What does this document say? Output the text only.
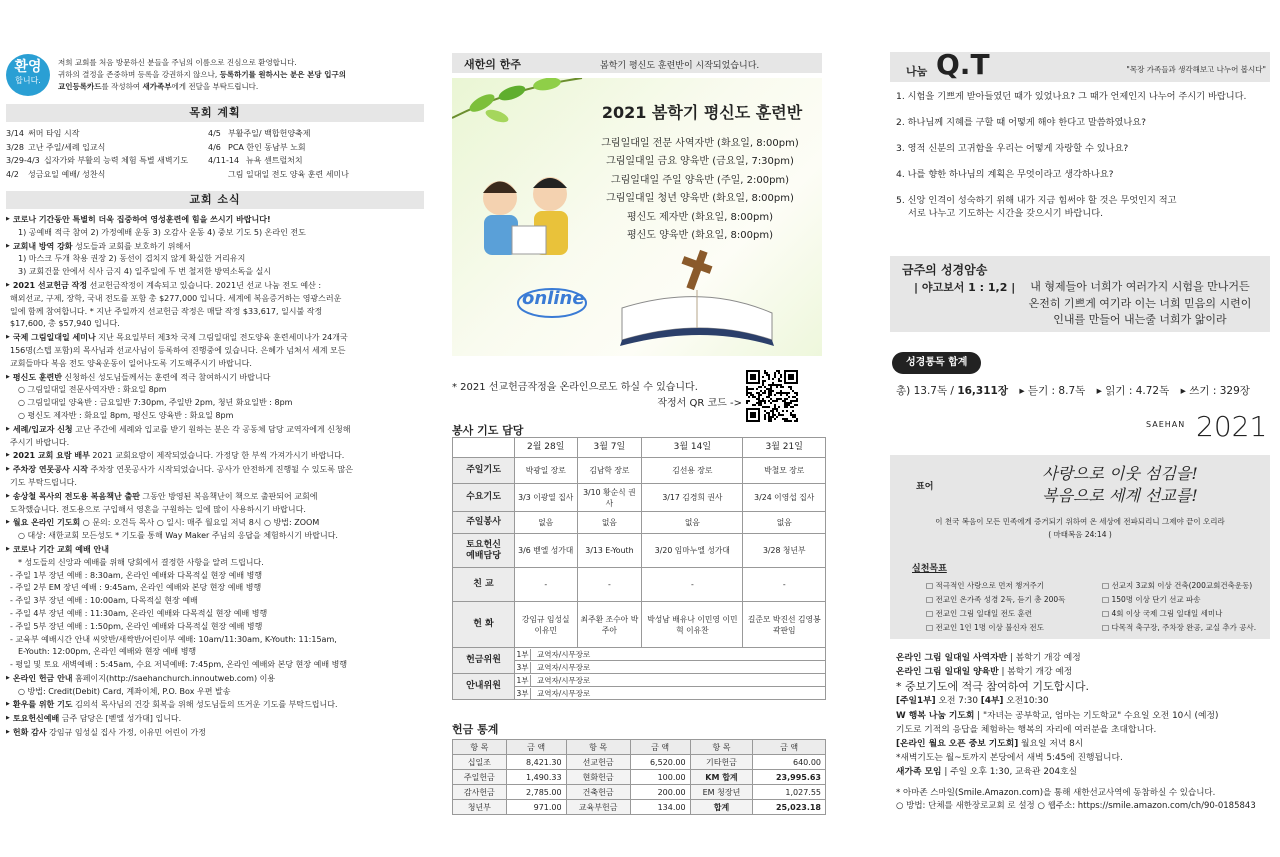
환영
합니다.
저희 교회를 처음 방문하신 분들을 주님의 이름으로 진심으로 환영합니다.
귀하의 결정을 존중하며 등록을 강권하지 않으나, 등록하기를 원하시는 분은 본당 입구의
교인등록카드를 작성하여 새가족부에게 전달을 부탁드립니다.
목회 계획
3/14 써머 타임 시작	4/5 부활주일/ 백합헌양축제
3/28 고난 주일/세례 입교식	4/6 PCA 한인 동남부 노회
3/29-4/3 십자가와 부활의 능력 체험 특별 새벽기도 4/11-14 뉴욕 센트럴처치
4/2 성금요일 예배/ 성찬식	그림 일대일 전도 양육 훈련 세미나
교회 소식
▶ 코로나 기간동안 특별히 더욱 집중하여 영성훈련에 힘을 쓰시기 바랍니다!
1) 공예배 적극 참여 2) 가정예배 운동 3) 오감사 운동 4) 중보 기도 5) 온라인 전도
▶ 교회내 방역 강화 성도들과 교회를 보호하기 위해서
1) 마스크 두개 착용 권장 2) 동선이 겹치지 않게 확실한 거리유지
3) 교회건물 안에서 식사 금지 4) 일주일에 두 번 철저한 방역소독을 실시
▶ 2021 선교헌금 작정 선교헌금작정이 계속되고 있습니다. 2021년 선교 나눔 전도 예산 :
해외선교, 구제, 장학, 국내 전도를 포함 총 $277,000 입니다. 세계에 복음증거하는 영광스러운
일에 함께 참여합니다. * 지난 주일까지 선교헌금 작정은 매달 작정 $33,617, 일시불 작정
$17,600, 총 $57,940 입니다.
▶ 국제 그림일대일 세미나 지난 목요일부터 제3차 국제 그림일대일 전도양육 훈련세미나가 24개국
156명(스텝 포함)의 목사님과 선교사님이 등록하여 진행중에 있습니다. 은혜가 넘쳐서 세계 모든
교회들마다 복음 전도 양육운동이 일어나도록 기도해주시기 바랍니다.
▶ 평신도 훈련반 신청하신 성도님들께서는 훈련에 적극 참여하시기 바랍니다
○ 그림일대일 전문사역자반 : 화요일 8pm
○ 그림일대일 양육반 : 금요일반 7:30pm, 주일반 2pm, 청년 화요일반 : 8pm
○ 평신도 제자반 : 화요일 8pm, 평신도 양육반 : 화요일 8pm
▶ 세례/입교자 신청 고난 주간에 세례와 입교를 받기 원하는 분은 각 공동체 담당 교역자에게 신청해
주시기 바랍니다.
▶ 2021 교회 요람 배부 2021 교회요람이 제작되었습니다. 가정당 한 부씩 가져가시기 바랍니다.
▶ 주차장 연못공사 시작 주차장 연못공사가 시작되었습니다. 공사가 안전하게 진행될 수 있도록 많은
기도 부탁드립니다.
▶ 송상철 목사의 전도용 복음책난 출판 그동안 방영된 복음책난이 책으로 출판되어 교회에
도착했습니다. 전도용으로 구입해서 영혼을 구원하는 일에 많이 사용하시기 바랍니다.
▶ 월요 온라인 기도회 ○ 문의: 오건득 목사 ○ 일시: 매주 월요일 저녁 8시 ○ 방법: ZOOM
○ 대상: 새한교회 모든성도 * 기도를 통해 Way Maker 주님의 응답을 체험하시기 바랍니다.
▶ 코로나 기간 교회 예배 안내
* 성도들의 신앙과 예배를 위해 당회에서 결정한 사항을 알려 드립니다.
- 주일 1부 장년 예배 : 8:30am, 온라인 예배와 다목적실 현장 예배 병행
- 주일 2부 EM 장년 예배 : 9:45am, 온라인 예배와 본당 현장 예배 병행
- 주일 3부 장년 예배 : 10:00am, 다목적실 현장 예배
- 주일 4부 장년 예배 : 11:30am, 온라인 예배와 다목적실 현장 예배 병행
- 주일 5부 장년 예배 : 1:50pm, 온라인 예배와 다목적실 현장 예배 병행
- 교육부 예배시간 안내 씨앗반/새싹반/어린이부 예배: 10am/11:30am, K-Youth: 11:15am,
E-Youth: 12:00pm, 온라인 예배와 현장 예배 병행
- 평일 및 토요 새벽예배 : 5:45am, 수요 저녁예배: 7:45pm, 온라인 예배와 본당 현장 예배 병행
▶ 온라인 헌금 안내 홈페이지(http://saehanchurch.innoutweb.com) 이용
○ 방법: Credit(Debit) Card, 계좌이체, P.O. Box 우편 발송
▶ 환우를 위한 기도 김의석 목사님의 건강 회복을 위해 성도님들의 뜨거운 기도를 부탁드립니다.
▶ 토요헌신예배 금주 담당은 [벧엘 성가대] 입니다.
▶ 헌화 감사 강임규 임성실 집사 가정, 이유민 어린이 가정
새한의 한주	봄학기 평신도 훈련반이 시작되었습니다.
2021 봄학기 평신도 훈련반
그림일대일 전문 사역자반 (화요일, 8:00pm)
그림일대일 금요 양육반 (금요일, 7:30pm)
그림일대일 주일 양육반 (주일, 2:00pm)
그림일대일 청년 양육반 (화요일, 8:00pm)
평신도 제자반 (화요일, 8:00pm)
평신도 양육반 (화요일, 8:00pm)
online
* 2021 선교헌금작정을 온라인으로도 하실 수 있습니다.
작정서 QR 코드 ->
봉사 기도 담당
	2월 28일	3월 7일	3월 14일	3월 21일
주일기도	박광일 장로	김남학 장로	김선용 장로	박철모 장로
수요기도	3/3 이광열 집사	3/10 황순식 권사	3/17 김경희 권사	3/24 이영섭 집사
주일봉사	없음	없음	없음	없음
토요헌신
예배담당	3/6 벧엘 성가대	3/13 E-Youth	3/20 임마누엘 성가대	3/28 청년부
친 교	-	-	-	-
헌 화	강임규 임성실 이유민	최주환 조수아 박주아	박성남 배유나 이민영 이민혁 이유찬	길준모 박진선 김영봉 곽판임
헌금위원	1부 교역자/시무장로			
	3부 교역자/시무장로			
안내위원	1부 교역자/시무장로			
	3부 교역자/시무장로			
헌금 통계
항 목	금 액	항 목	금 액	항 목	금 액
십일조	8,421.30	선교헌금	6,520.00	기타헌금	640.00
주일헌금	1,490.33	현화헌금	100.00	KM 합계	23,995.63
감사헌금	2,785.00	건축헌금	200.00	EM 청장년	1,027.55
청년부	971.00	교육부헌금	134.00	합계	25,023.18
나눔 Q.T	"목장 가족들과 생각해보고 나누어 봅시다"
1. 시험을 기쁘게 받아들였던 때가 있었나요? 그 때가 언제인지 나누어 주시기 바랍니다.
2. 하나님께 지혜를 구할 때 어떻게 해야 한다고 말씀하였나요?
3. 영적 신분의 고귀함을 우리는 어떻게 자랑할 수 있나요?
4. 나를 향한 하나님의 계획은 무엇이라고 생각하나요?
5. 신앙 인격이 성숙하기 위해 내가 지금 힘써야 할 것은 무엇인지 적고
서로 나누고 기도하는 시간을 갖으시기 바랍니다.
금주의 성경암송
| 야고보서 1 : 1,2 |	내 형제들아 너희가 여러가지 시험을 만나거든
온전히 기쁘게 여기라 이는 너희 믿음의 시련이
인내를 만들어 내는줄 너희가 앎이라
성경통독 합계
총) 13.7독 / 16,311장 ▸ 듣기 : 8.7독 ▸ 읽기 : 4.72독 ▸ 쓰기 : 329장
SAEHAN 2021
표어
사랑으로 이웃 섬김을!
복음으로 세계 선교를!
이 천국 복음이 모든 민족에게 증거되기 위하여 온 세상에 전파되리니 그제야 끝이 오리라
( 마태복음 24:14 )
실천목표
□ 적극적인 사랑으로 먼저 챙겨주기	□ 선교지 3교회 이상 건축(200교회건축운동)
□ 전교인 온가족 성경 2독, 듣기 총 200독	□ 150명 이상 단기 선교 파송
□ 전교인 그림 일대일 전도 훈련	□ 4회 이상 국제 그림 일대일 세미나
□ 전교인 1인 1명 이상 불신자 전도	□ 다목적 축구장, 주차장 완공, 교실 추가 공사.
온라인 그림 일대일 사역자반 | 봄학기 개강 예정
온라인 그림 일대일 양육반 | 봄학기 개강 예정
* 중보기도에 적극 참여하여 기도합시다.
[주일1부] 오전 7:30 [4부] 오전10:30
W 행복 나눔 기도회 | "자녀는 공부학교, 엄마는 기도학교" 수요일 오전 10시 (예정)
기도로 기적의 응답을 체험하는 행복의 자리에 여러분을 초대합니다.
[온라인 월요 오픈 중보 기도회] 월요일 저녁 8시
*새벽기도는 월~토까지 본당에서 새벽 5:45에 진행됩니다.
새가족 모임 | 주일 오후 1:30, 교육관 204호실
* 아마존 스마일(Smile.Amazon.com)을 통해 새한선교사역에 동참하실 수 있습니다.
○ 방법: 단체를 새한장로교회 로 설정 ○ 웹주소: https://smile.amazon.com/ch/90-0185843
